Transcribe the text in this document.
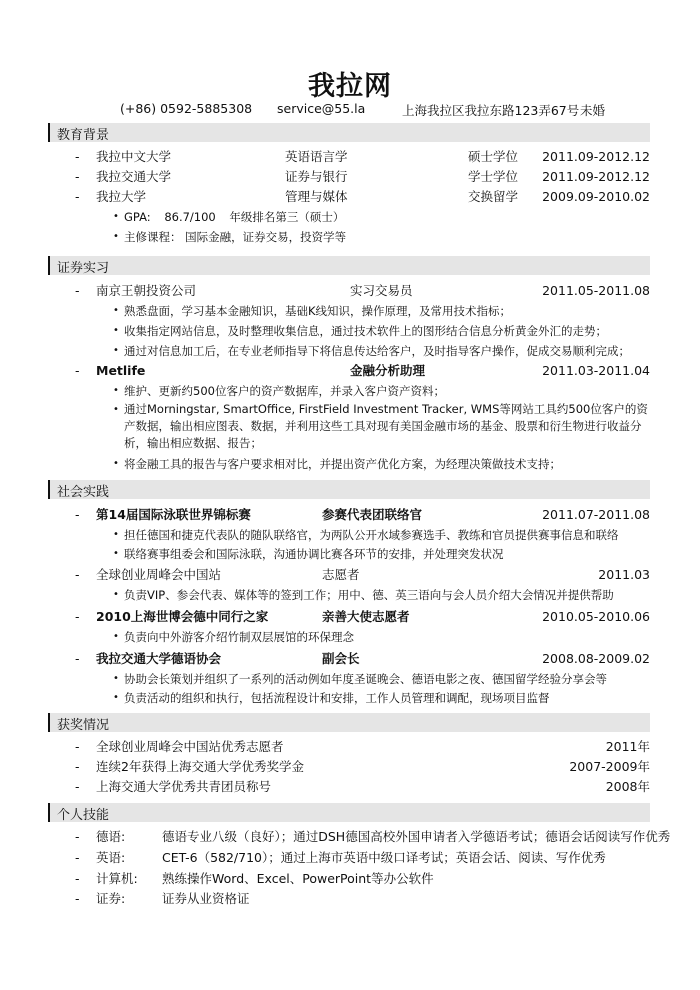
我拉网
(+86) 0592-5885308 service@55.la	上海我拉区我拉东路123弄67号 未婚
教育背景
- 我拉中文大学	英语语言学	硕士学位 2011.09-2012.12
- 我拉交通大学	证券与银行	学士学位 2011.09-2012.12
- 我拉大学	管理与媒体	交换留学 2009.09-2010.02
• GPA: 86.7/100 年级排名第三（硕士）
• 主修课程： 国际金融，证券交易，投资学等
证券实习
- 南京王朝投资公司	实习交易员	2011.05-2011.08
• 熟悉盘面，学习基本金融知识，基础K线知识，操作原理，及常用技术指标；
• 收集指定网站信息，及时整理收集信息，通过技术软件上的图形结合信息分析黄金外汇的走势；
• 通过对信息加工后，在专业老师指导下将信息传达给客户，及时指导客户操作，促成交易顺利完成；
- Metlife	金融分析助理	2011.03-2011.04
• 维护、更新约500位客户的资产数据库，并录入客户资产资料；
• 通过Morningstar, SmartOffice, FirstField Investment Tracker, WMS等网站工具约500位客户的资产数据，输出相应图表、数据，并利用这些工具对现有美国金融市场的基金、股票和衍生物进行收益分析，输出相应数据、报告；
• 将金融工具的报告与客户要求相对比，并提出资产优化方案，为经理决策做技术支持；
社会实践
- 第14届国际泳联世界锦标赛	参赛代表团联络官	2011.07-2011.08
• 担任德国和捷克代表队的随队联络官，为两队公开水域参赛选手、教练和官员提供赛事信息和联络
• 联络赛事组委会和国际泳联，沟通协调比赛各环节的安排，并处理突发状况
- 全球创业周峰会中国站	志愿者	2011.03
• 负责VIP、参会代表、媒体等的签到工作；用中、德、英三语向与会人员介绍大会情况并提供帮助
- 2010上海世博会德中同行之家	亲善大使志愿者	2010.05-2010.06
• 负责向中外游客介绍竹制双层展馆的环保理念
- 我拉交通大学德语协会	副会长	2008.08-2009.02
• 协助会长策划并组织了一系列的活动例如年度圣诞晚会、德语电影之夜、德国留学经验分享会等
• 负责活动的组织和执行，包括流程设计和安排，工作人员管理和调配，现场项目监督
获奖情况
- 全球创业周峰会中国站优秀志愿者	2011年
- 连续2年获得上海交通大学优秀奖学金	2007-2009年
- 上海交通大学优秀共青团员称号	2008年
个人技能
- 德语:	德语专业八级（良好）；通过DSH德国高校外国申请者入学德语考试；德语会话阅读写作优秀
- 英语:	CET-6（582/710）；通过上海市英语中级口译考试；英语会话、阅读、写作优秀
- 计算机: 熟练操作Word、Excel、PowerPoint等办公软件
- 证券:	证券从业资格证
